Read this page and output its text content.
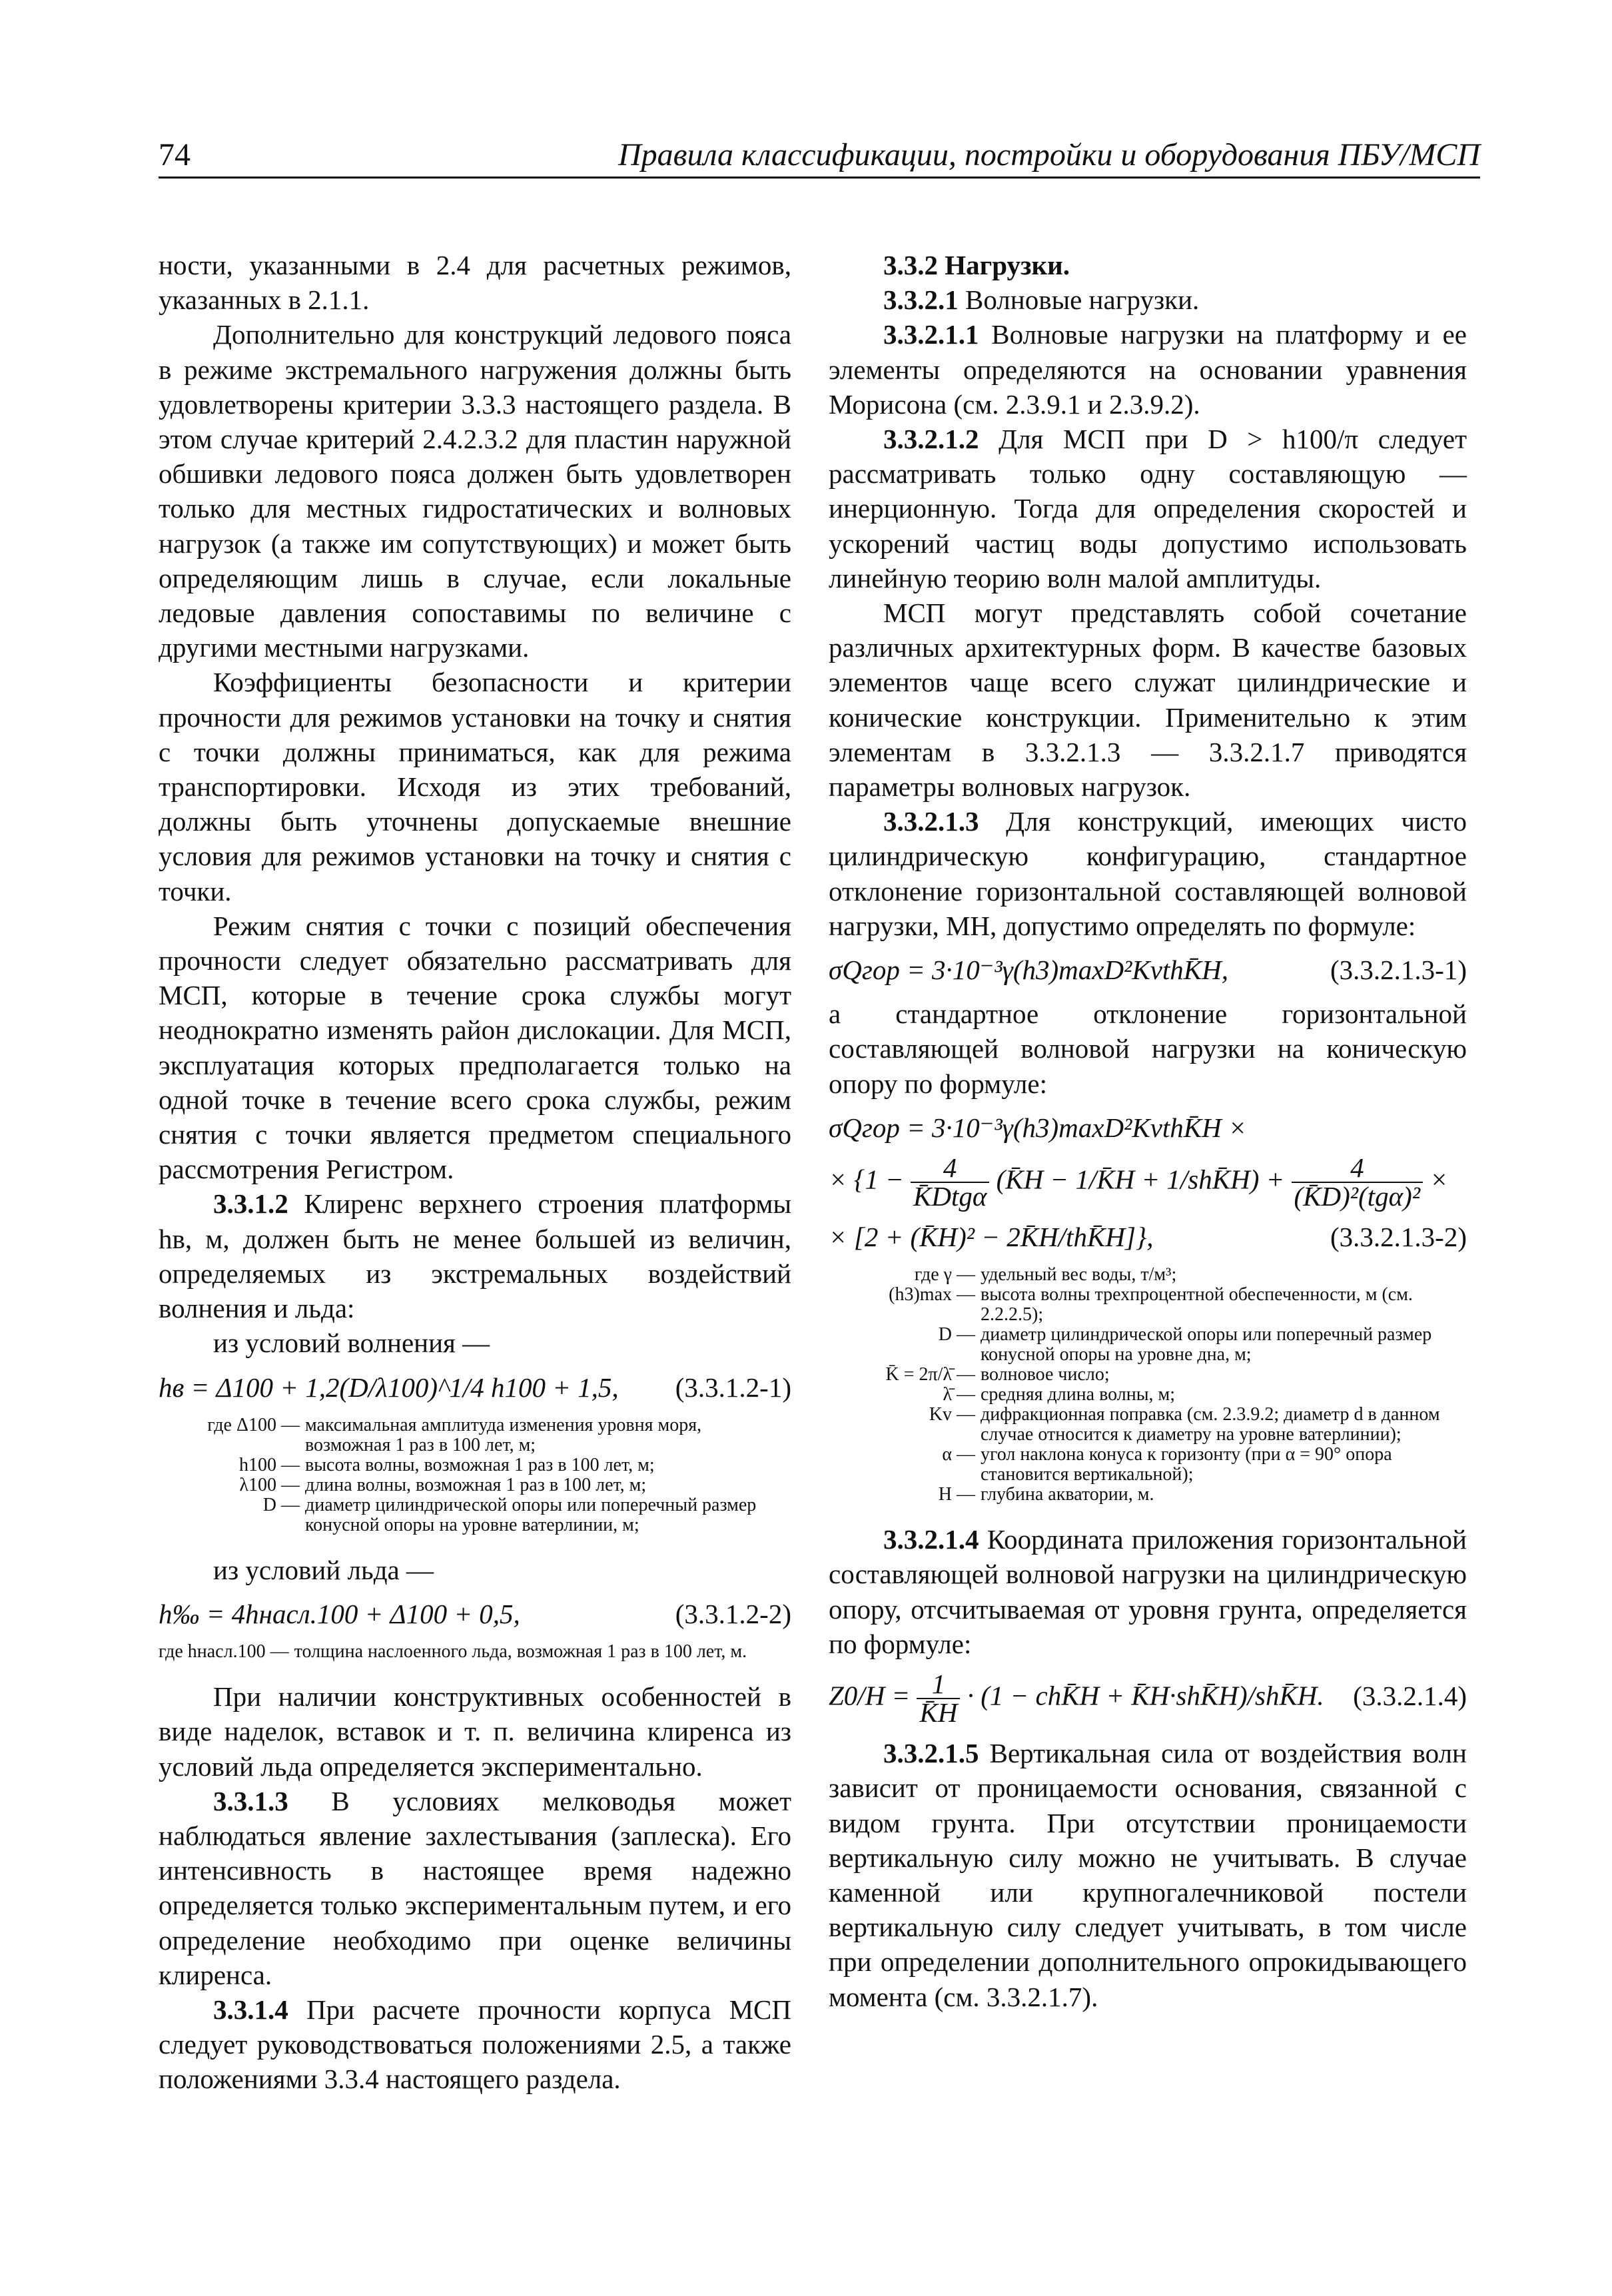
74	Правила классификации, постройки и оборудования ПБУ/МСП

ности, указанными в 2.4 для расчетных режимов, указанных в 2.1.1.

Дополнительно для конструкций ледового пояса в режиме экстремального нагружения должны быть удовлетворены критерии 3.3.3 настоящего раздела. В этом случае критерий 2.4.2.3.2 для пластин наружной обшивки ледового пояса должен быть удовлетворен только для местных гидростатических и волновых нагрузок (а также им сопутствующих) и может быть определяющим лишь в случае, если локальные ледовые давления сопоставимы по величине с другими местными нагрузками.

Коэффициенты безопасности и критерии прочности для режимов установки на точку и снятия с точки должны приниматься, как для режима транспортировки. Исходя из этих требований, должны быть уточнены допускаемые внешние условия для режимов установки на точку и снятия с точки.

Режим снятия с точки с позиций обеспечения прочности следует обязательно рассматривать для МСП, которые в течение срока службы могут неоднократно изменять район дислокации. Для МСП, эксплуатация которых предполагается только на одной точке в течение всего срока службы, режим снятия с точки является предметом специального рассмотрения Регистром.

3.3.1.2 Клиренс верхнего строения платформы hв, м, должен быть не менее большей из величин, определяемых из экстремальных воздействий волнения и льда:

из условий волнения —

hв = Δ100 + 1,2(D/λ100)^1/4 h100 + 1,5, (3.3.1.2-1)
где Δ100 — максимальная амплитуда изменения уровня моря, возможная 1 раз в 100 лет, м;
h100 — высота волны, возможная 1 раз в 100 лет, м;
λ100 — длина волны, возможная 1 раз в 100 лет, м;
D — диаметр цилиндрической опоры или поперечный размер конусной опоры на уровне ватерлинии, м;

из условий льда —

h‰ = 4hнасл.100 + Δ100 + 0,5,	(3.3.1.2-2)
где hнасл.100 — толщина наслоенного льда, возможная 1 раз в 100 лет, м.

При наличии конструктивных особенностей в виде наделок, вставок и т. п. величина клиренса из условий льда определяется экспериментально.

3.3.1.3 В условиях мелководья может наблюдаться явление захлестывания (заплеска). Его интенсивность в настоящее время надежно определяется только экспериментальным путем, и его определение необходимо при оценке величины клиренса.

3.3.1.4 При расчете прочности корпуса МСП следует руководствоваться положениями 2.5, а также положениями 3.3.4 настоящего раздела.

3.3.2 Нагрузки.

3.3.2.1 Волновые нагрузки.

3.3.2.1.1 Волновые нагрузки на платформу и ее элементы определяются на основании уравнения Морисона (см. 2.3.9.1 и 2.3.9.2).

3.3.2.1.2 Для МСП при D > h100/π следует рассматривать только одну составляющую — инерционную. Тогда для определения скоростей и ускорений частиц воды допустимо использовать линейную теорию волн малой амплитуды.

МСП могут представлять собой сочетание различных архитектурных форм. В качестве базовых элементов чаще всего служат цилиндрические и конические конструкции. Применительно к этим элементам в 3.3.2.1.3 — 3.3.2.1.7 приводятся параметры волновых нагрузок.

3.3.2.1.3 Для конструкций, имеющих чисто цилиндрическую конфигурацию, стандартное отклонение горизонтальной составляющей волновой нагрузки, МН, допустимо определять по формуле:

σQгор = 3·10⁻³γ(h3)maxD²KvthK̄H,	(3.3.2.1.3-1)

а стандартное отклонение горизонтальной составляющей волновой нагрузки на коническую опору по формуле:

σQгор = 3·10⁻³γ(h3)maxD²KvthK̄H ×
× {$1 - \frac{4}{\text{K̄Dtgα}}$ (K̄H − 1/K̄H + 1/shK̄H) + $\frac{4}{\text{(K̄D)²(tgα)²}}$ ×
× [2 + (K̄H)² − 2K̄H/thK̄H]},	(3.3.2.1.3-2)
где γ — удельный вес воды, т/м³;
(h3)max — высота волны трехпроцентной обеспеченности, м (см. 2.2.2.5);
D — диаметр цилиндрической опоры или поперечный размер конусной опоры на уровне дна, м;
K̄ = 2π/λ̄ — волновое число;
λ̄ — средняя длина волны, м;
Kv — дифракционная поправка (см. 2.3.9.2; диаметр d в данном случае относится к диаметру на уровне ватерлинии);
α — угол наклона конуса к горизонту (при α = 90° опора становится вертикальной);
H — глубина акватории, м.

3.3.2.1.4 Координата приложения горизонтальной составляющей волновой нагрузки на цилиндрическую опору, отсчитываемая от уровня грунта, определяется по формуле:

$Z0/H = \frac{1}{K̄H} \cdot (1$ − chK̄H + K̄H·shK̄H)/shK̄H. (3.3.2.1.4)

3.3.2.1.5 Вертикальная сила от воздействия волн зависит от проницаемости основания, связанной с видом грунта. При отсутствии проницаемости вертикальную силу можно не учитывать. В случае каменной или крупногалечниковой постели вертикальную силу следует учитывать, в том числе при определении дополнительного опрокидывающего момента (см. 3.3.2.1.7).
